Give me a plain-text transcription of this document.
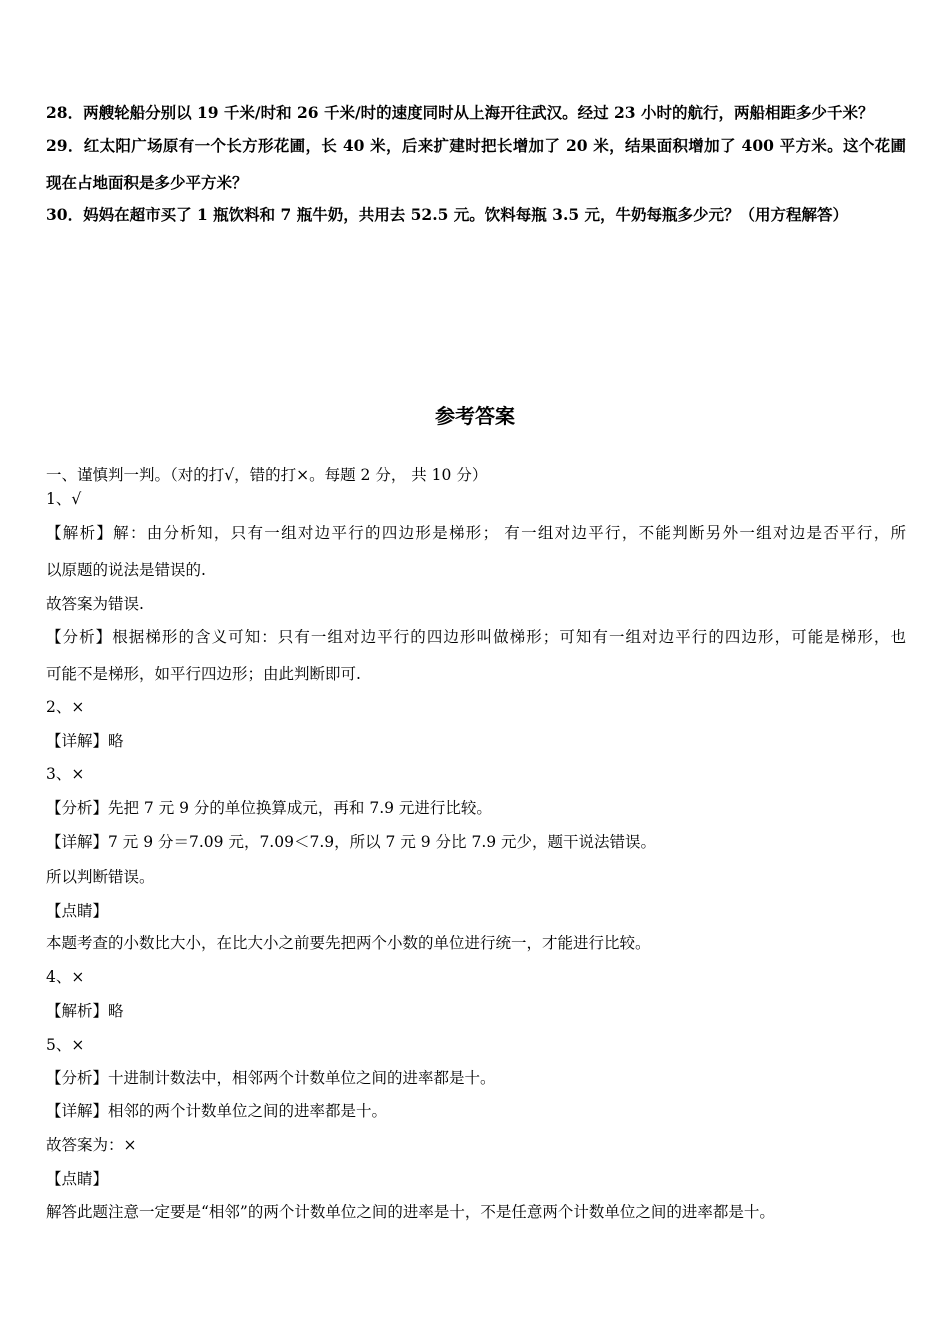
28．两艘轮船分别以 19 千米/时和 26 千米/时的速度同时从上海开往武汉。经过 23 小时的航行，两船相距多少千米？
29．红太阳广场原有一个长方形花圃，长 40 米，后来扩建时把长增加了 20 米，结果面积增加了 400 平方米。这个花圃
现在占地面积是多少平方米？
30．妈妈在超市买了 1 瓶饮料和 7 瓶牛奶，共用去 52.5 元。饮料每瓶 3.5 元，牛奶每瓶多少元？（用方程解答）
参考答案
一、谨慎判一判。（对的打√，错的打×。每题 2 分， 共 10 分）
1、√
【解析】解：由分析知，只有一组对边平行的四边形是梯形； 有一组对边平行，不能判断另外一组对边是否平行，所
以原题的说法是错误的.
故答案为错误.
【分析】根据梯形的含义可知：只有一组对边平行的四边形叫做梯形；可知有一组对边平行的四边形，可能是梯形，也
可能不是梯形，如平行四边形；由此判断即可.
2、×
【详解】略
3、×
【分析】先把 7 元 9 分的单位换算成元，再和 7.9 元进行比较。
【详解】7 元 9 分＝7.09 元，7.09＜7.9，所以 7 元 9 分比 7.9 元少，题干说法错误。
所以判断错误。
【点睛】
本题考查的小数比大小，在比大小之前要先把两个小数的单位进行统一，才能进行比较。
4、×
【解析】略
5、×
【分析】十进制计数法中，相邻两个计数单位之间的进率都是十。
【详解】相邻的两个计数单位之间的进率都是十。
故答案为：×
【点睛】
解答此题注意一定要是“相邻”的两个计数单位之间的进率是十，不是任意两个计数单位之间的进率都是十。
